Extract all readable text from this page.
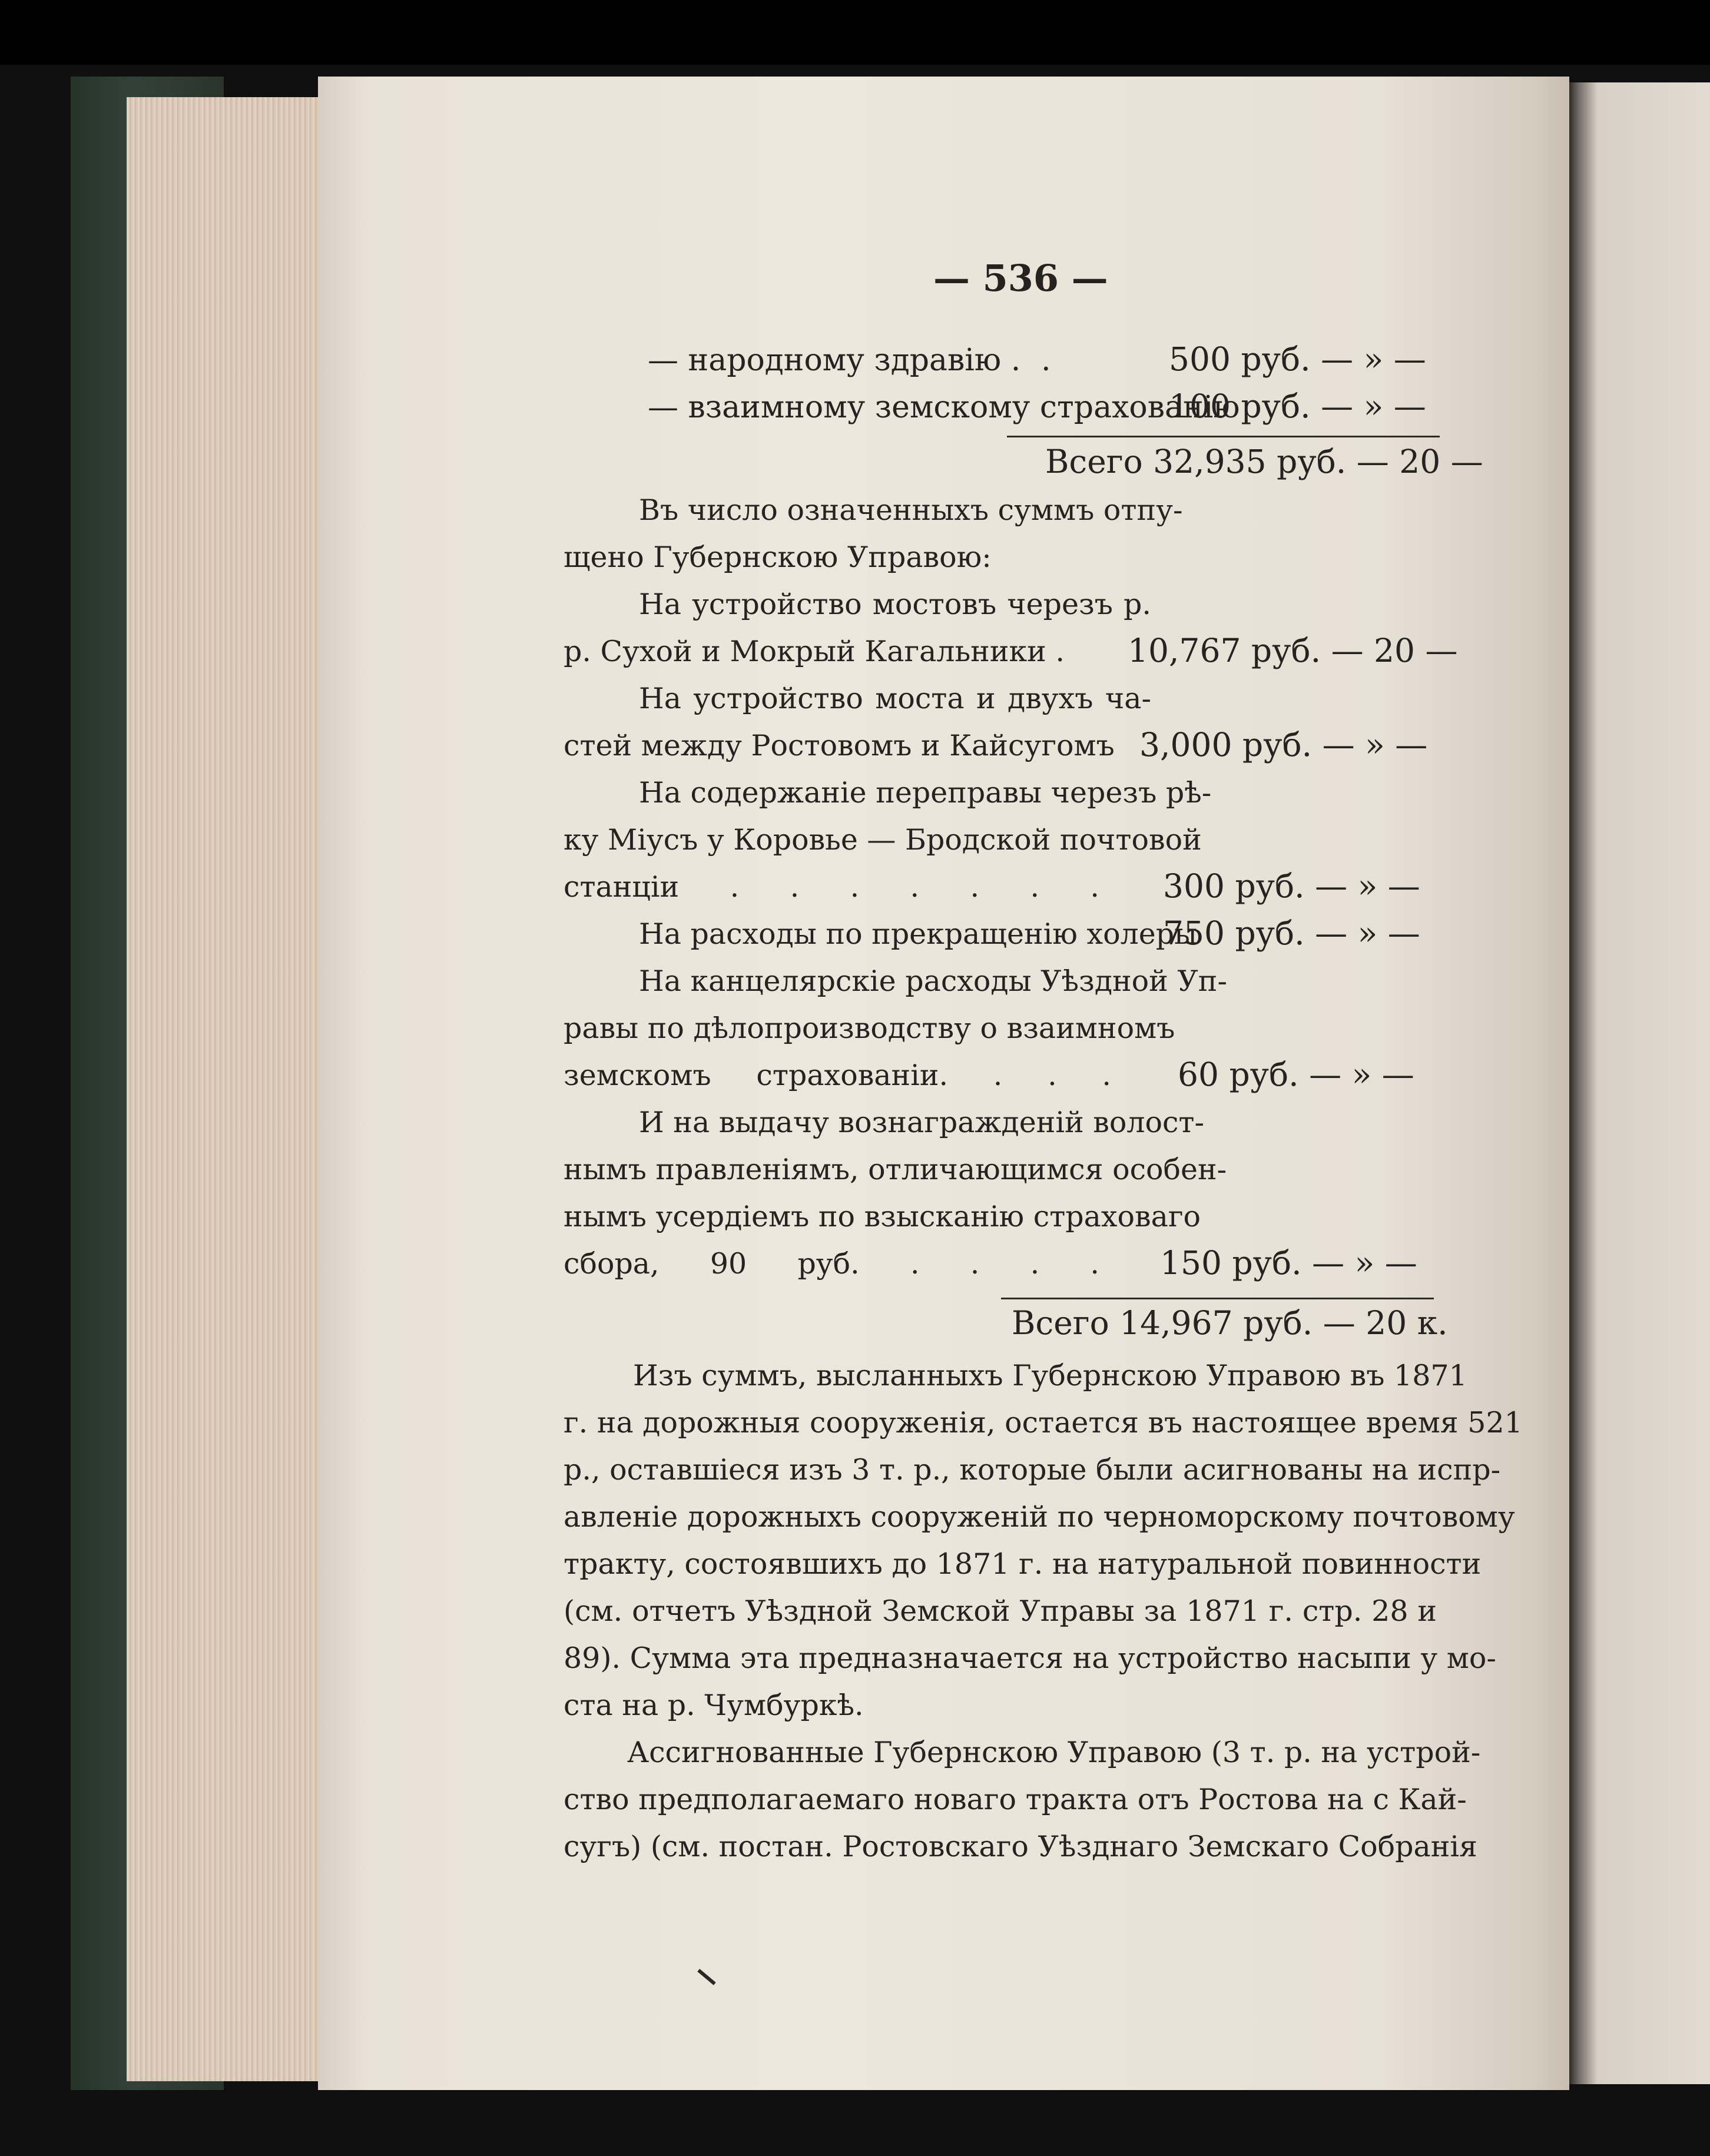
— 536 —
— народному здравію . .	500 руб. — » —
— взаимному земскому страхованію
100 руб. — » —
Всего 32,935 руб. — 20 —
Въ число означенныхъ суммъ отпу-
щено Губернскою Управою:
На устройство мостовъ черезъ р.
р. Сухой и Мокрый Кагальники . 10,767 руб. — 20 —
На устройство моста и двухъ ча-
стей между Ростовомъ и Кайсугомъ 3,000 руб. — » —
На содержаніе переправы черезъ рѣ-
ку Міусъ у Коровье — Бродской почтовой
станціи . . . . . . . 300 руб. — » —
На расходы по прекращенію холеры
750 руб. — » —
На канцелярскіе расходы Уѣздной Уп-
равы по дѣлопроизводству о взаимномъ
земскомъ страхованіи. . . . 60 руб. — » —
И на выдачу вознагражденій волост-
нымъ правленіямъ, отличающимся особен-
нымъ усердіемъ по взысканію страховаго
сбора, 90 руб. . . . . 150 руб. — » —
Всего 14,967 руб. — 20 к.
Изъ суммъ, высланныхъ Губернскою Управою въ 1871
г. на дорожныя сооруженія, остается въ настоящее время 521
р., оставшіеся изъ 3 т. р., которые были асигнованы на испр-
авленіе дорожныхъ сооруженій по черноморскому почтовому
тракту, состоявшихъ до 1871 г. на натуральной повинности
(см. отчетъ Уѣздной Земской Управы за 1871 г. стр. 28 и
89). Сумма эта предназначается на устройство насыпи у мо-
ста на р. Чумбуркѣ.
Ассигнованные Губернскою Управою (3 т. р. на устрой-
ство предполагаемаго новаго тракта отъ Ростова на с Кай-
сугъ) (см. постан. Ростовскаго Уѣзднаго Земскаго Собранія
